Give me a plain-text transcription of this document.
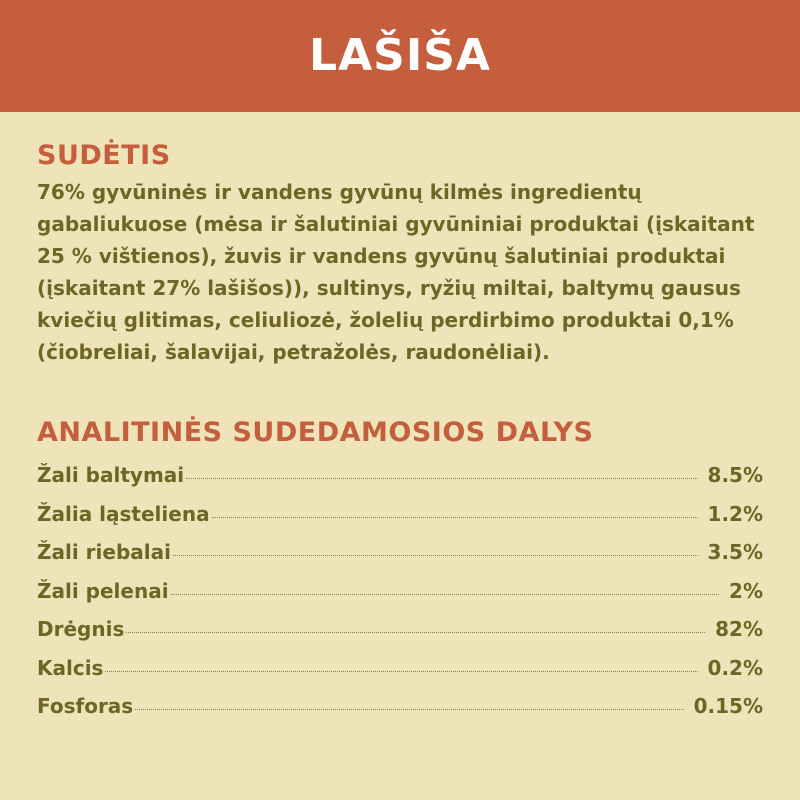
LAŠIŠA
SUDĖTIS

76% gyvūninės ir vandens gyvūnų kilmės ingredientų gabaliukuose (mėsa ir šalutiniai gyvūniniai produktai (įskaitant 25 % vištienos), žuvis ir vandens gyvūnų šalutiniai produktai (įskaitant 27% lašišos)), sultinys, ryžių miltai, baltymų gausus kviečių glitimas, celiuliozė, žolelių perdirbimo produktai 0,1% (čiobreliai, šalavijai, petražolės, raudonėliai).

ANALITINĖS SUDEDAMOSIOS DALYS
Žali baltymai	8.5%
Žalia ląsteliena	1.2%
Žali riebalai	3.5%
Žali pelenai	2%
Drėgnis	82%
Kalcis	0.2%
Fosforas	0.15%
